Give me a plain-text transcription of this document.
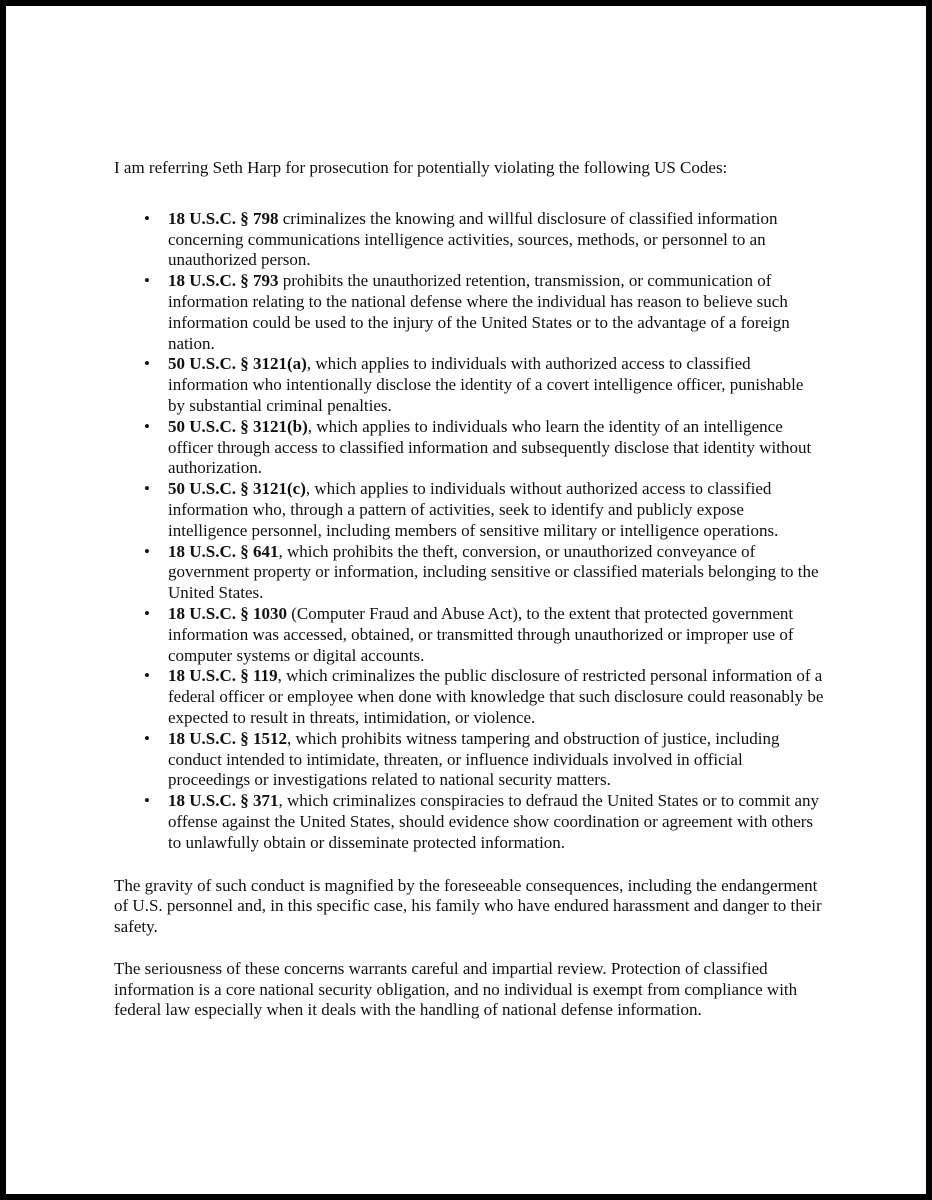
I am referring Seth Harp for prosecution for potentially violating the following US Codes:

• 18 U.S.C. § 798 criminalizes the knowing and willful disclosure of classified information concerning communications intelligence activities, sources, methods, or personnel to an unauthorized person.
• 18 U.S.C. § 793 prohibits the unauthorized retention, transmission, or communication of information relating to the national defense where the individual has reason to believe such information could be used to the injury of the United States or to the advantage of a foreign nation.
• 50 U.S.C. § 3121(a), which applies to individuals with authorized access to classified information who intentionally disclose the identity of a covert intelligence officer, punishable by substantial criminal penalties.
• 50 U.S.C. § 3121(b), which applies to individuals who learn the identity of an intelligence officer through access to classified information and subsequently disclose that identity without authorization.
• 50 U.S.C. § 3121(c), which applies to individuals without authorized access to classified information who, through a pattern of activities, seek to identify and publicly expose intelligence personnel, including members of sensitive military or intelligence operations.
• 18 U.S.C. § 641, which prohibits the theft, conversion, or unauthorized conveyance of government property or information, including sensitive or classified materials belonging to the United States.
• 18 U.S.C. § 1030 (Computer Fraud and Abuse Act), to the extent that protected government information was accessed, obtained, or transmitted through unauthorized or improper use of computer systems or digital accounts.
• 18 U.S.C. § 119, which criminalizes the public disclosure of restricted personal information of a federal officer or employee when done with knowledge that such disclosure could reasonably be expected to result in threats, intimidation, or violence.
• 18 U.S.C. § 1512, which prohibits witness tampering and obstruction of justice, including conduct intended to intimidate, threaten, or influence individuals involved in official proceedings or investigations related to national security matters.
• 18 U.S.C. § 371, which criminalizes conspiracies to defraud the United States or to commit any offense against the United States, should evidence show coordination or agreement with others to unlawfully obtain or disseminate protected information.

The gravity of such conduct is magnified by the foreseeable consequences, including the endangerment of U.S. personnel and, in this specific case, his family who have endured harassment and danger to their safety.

The seriousness of these concerns warrants careful and impartial review. Protection of classified information is a core national security obligation, and no individual is exempt from compliance with federal law especially when it deals with the handling of national defense information.
